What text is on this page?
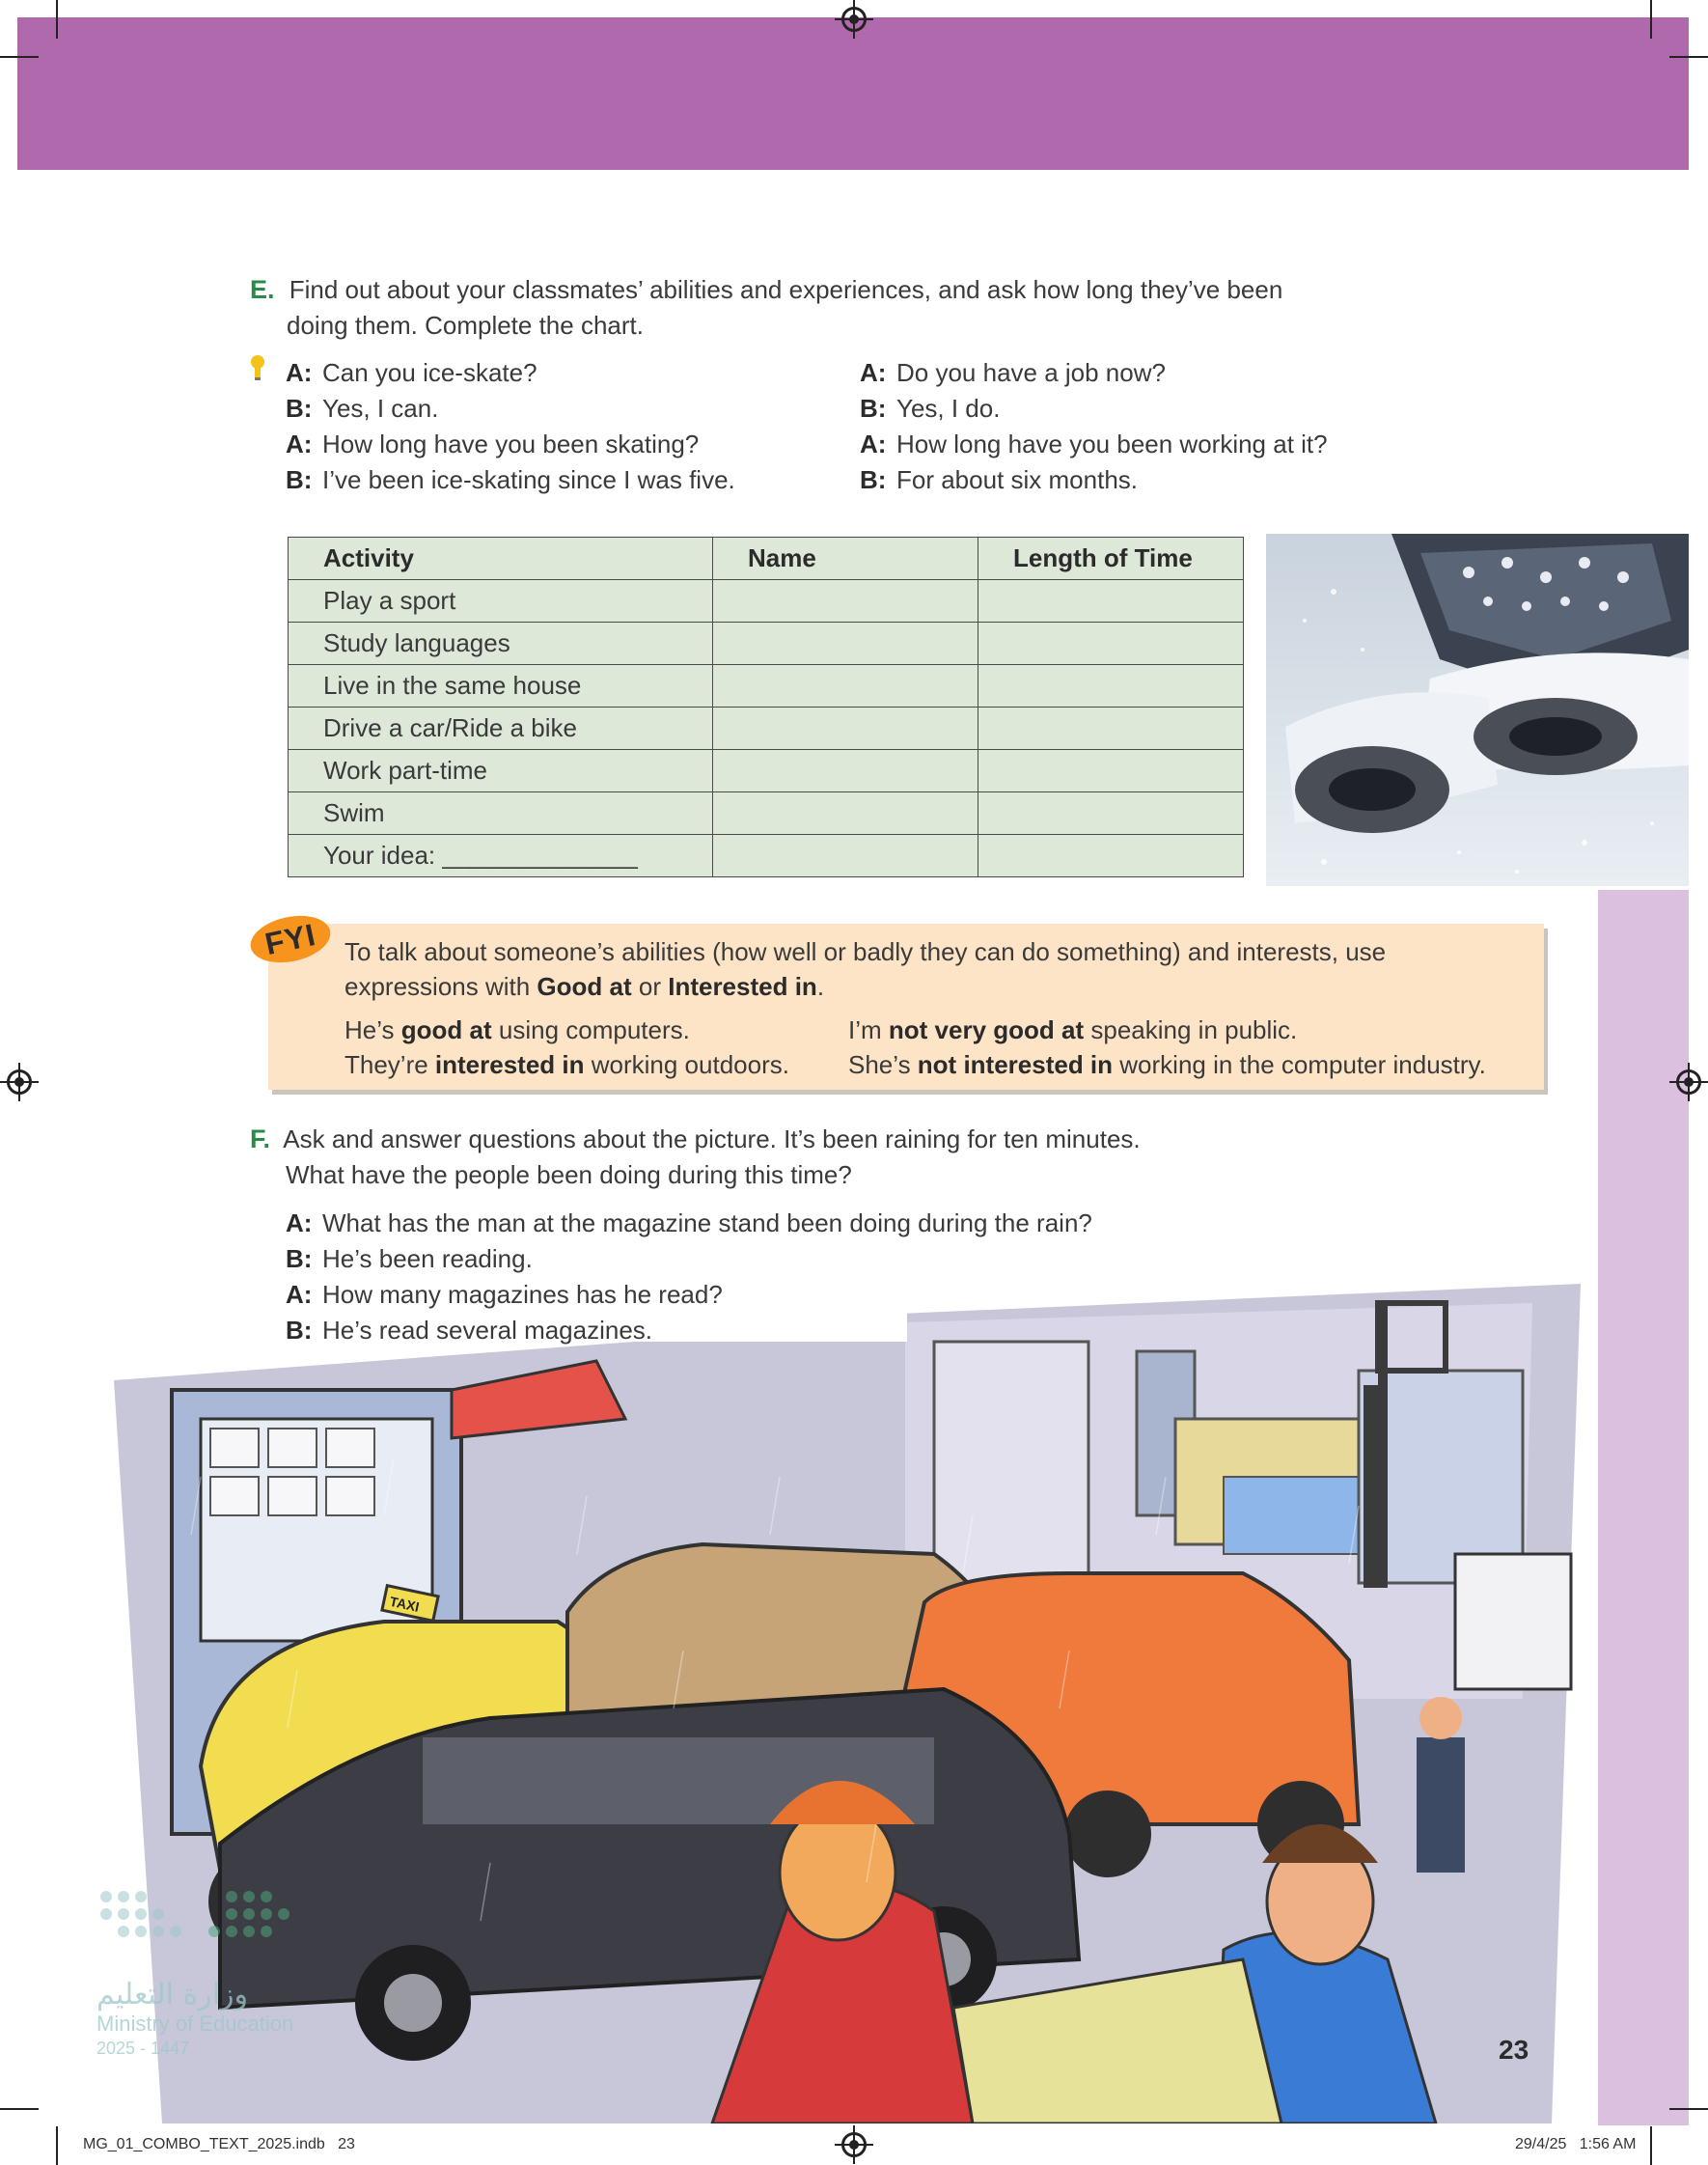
E. Find out about your classmates’ abilities and experiences, and ask how long they’ve been
doing them. Complete the chart.
A: Can you ice-skate?
B: Yes, I can.
A: How long have you been skating?
B: I’ve been ice-skating since I was five.
A: Do you have a job now?
B: Yes, I do.
A: How long have you been working at it?
B: For about six months.
Activity	Name	Length of Time
Play a sport		
Study languages		
Live in the same house		
Drive a car/Ride a bike		
Work part-time		
Swim		
Your idea: ______________		
FYI	To talk about someone’s abilities (how well or badly they can do something) and interests, use
expressions with Good at or Interested in.
He’s good at using computers.
They’re interested in working outdoors.
I’m not very good at speaking in public.
She’s not interested in working in the computer industry.
F. Ask and answer questions about the picture. It’s been raining for ten minutes.
What have the people been doing during this time?
TAXI
A: What has the man at the magazine stand been doing during the rain?
B: He’s been reading.
A: How many magazines has he read?
B: He’s read several magazines.
وزارة التعليم
Ministry of Education
2025 - 1447	23
MG_01_COMBO_TEXT_2025.indb   23	29/4/25   1:56 AM
